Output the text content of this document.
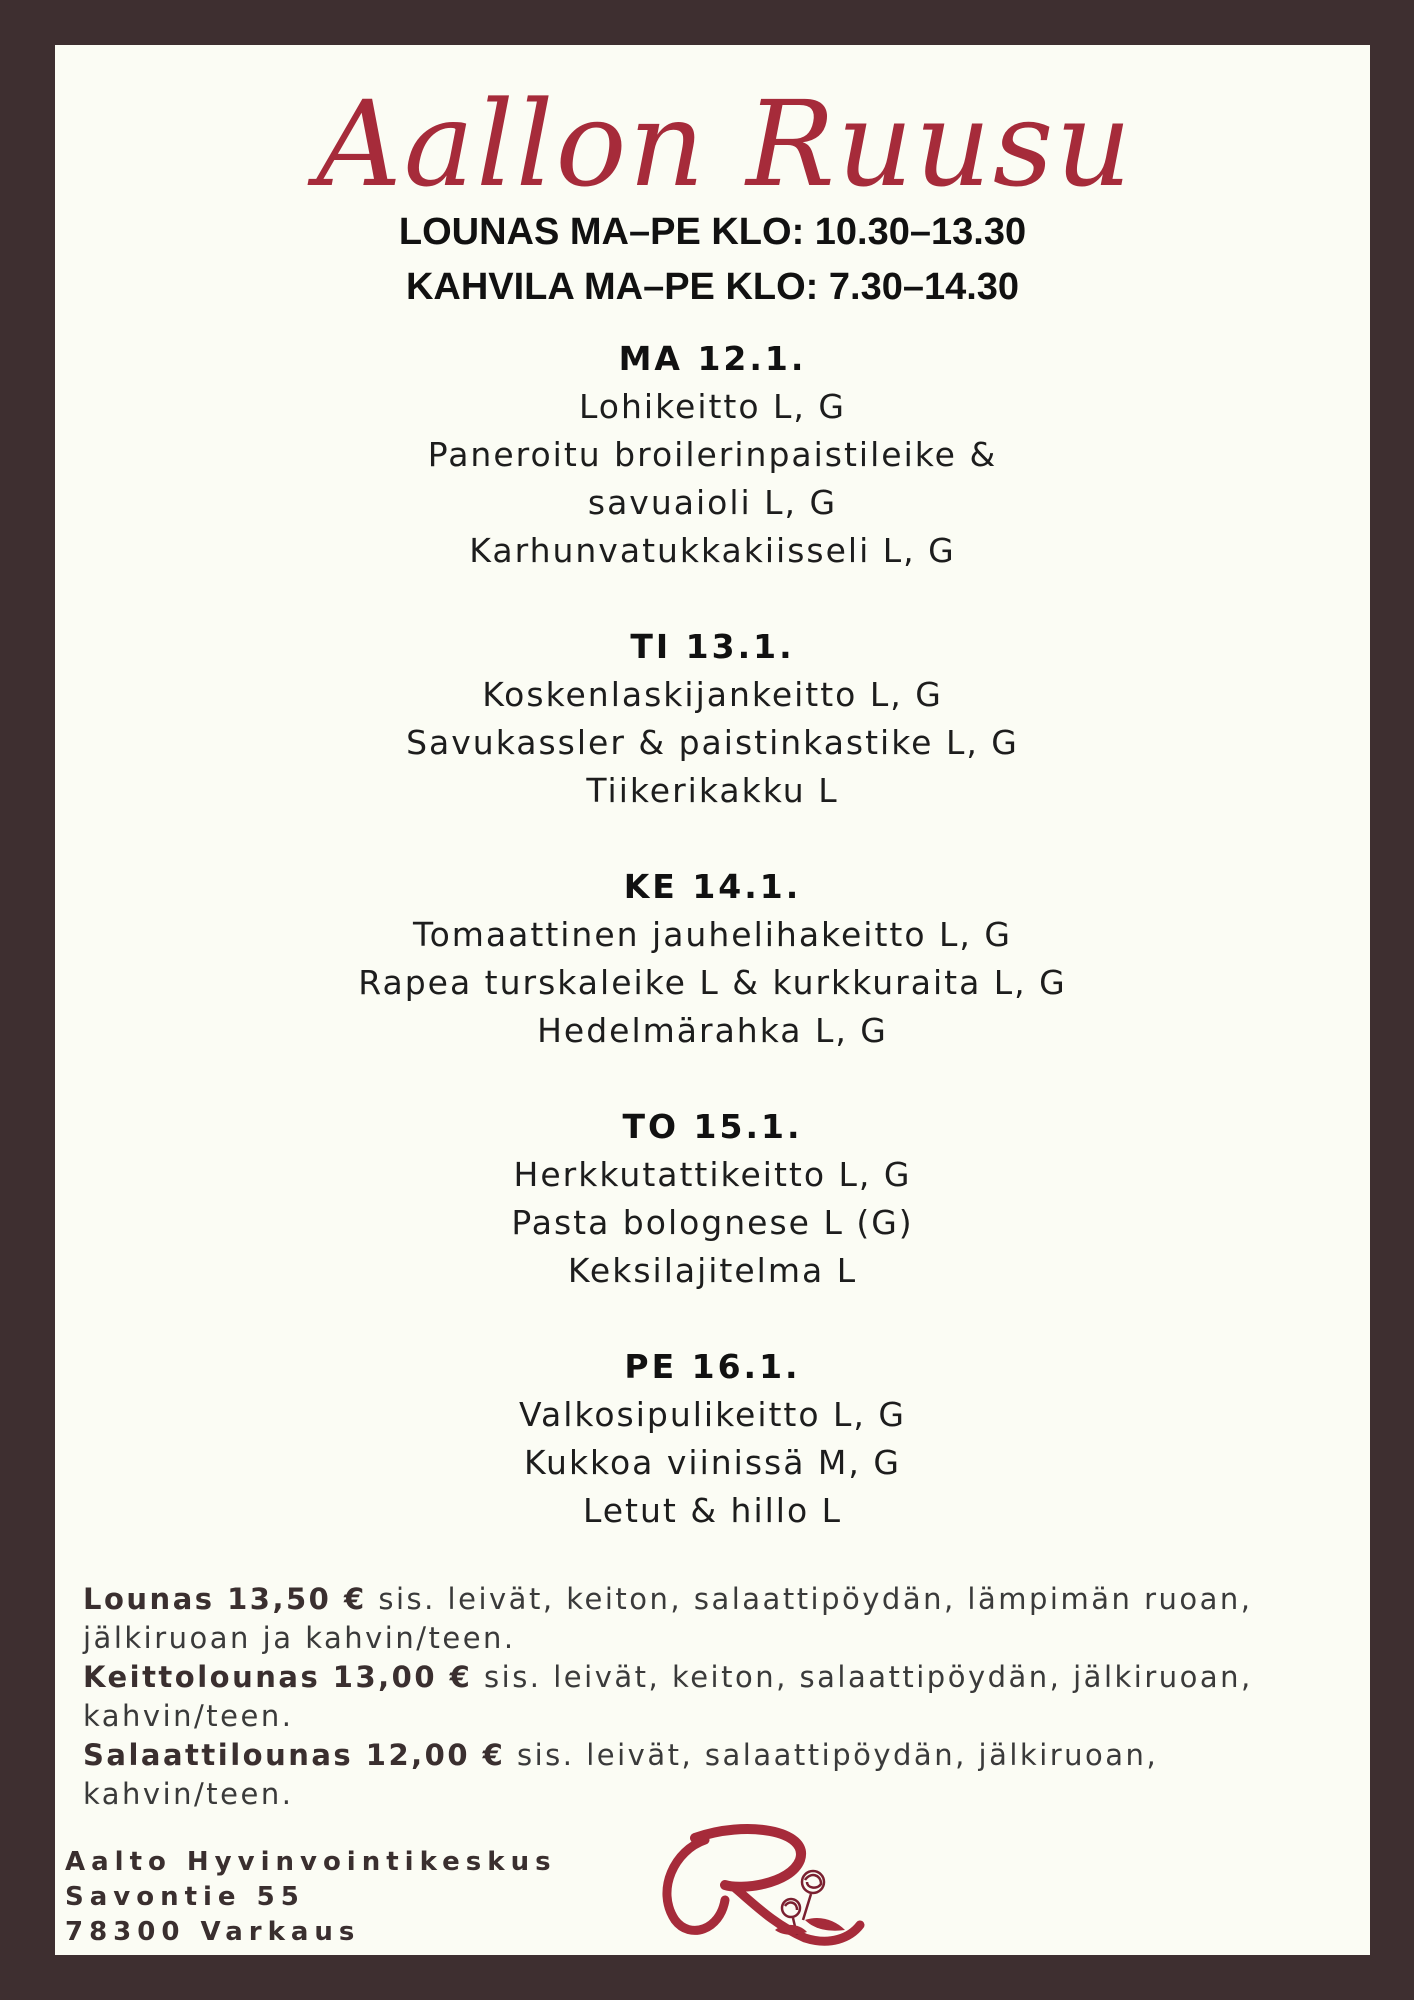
Aallon Ruusu
LOUNAS MA–PE KLO: 10.30–13.30
KAHVILA MA–PE KLO: 7.30–14.30
MA 12.1.
Lohikeitto L, G
Paneroitu broilerinpaistileike &
savuaioli L, G
Karhunvatukkakiisseli L, G
TI 13.1.
Koskenlaskijankeitto L, G
Savukassler & paistinkastike L, G
Tiikerikakku L
KE 14.1.
Tomaattinen jauhelihakeitto L, G
Rapea turskaleike L & kurkkuraita L, G
Hedelmärahka L, G
TO 15.1.
Herkkutattikeitto L, G
Pasta bolognese L (G)
Keksilajitelma L
PE 16.1.
Valkosipulikeitto L, G
Kukkoa viinissä M, G
Letut & hillo L

Lounas 13,50 € sis. leivät, keiton, salaattipöydän, lämpimän ruoan, jälkiruoan ja kahvin/teen.

Keittolounas 13,00 € sis. leivät, keiton, salaattipöydän, jälkiruoan, kahvin/teen.

Salaattilounas 12,00 € sis. leivät, salaattipöydän, jälkiruoan, kahvin/teen.

Aalto Hyvinvointikeskus
Savontie 55
78300 Varkaus
